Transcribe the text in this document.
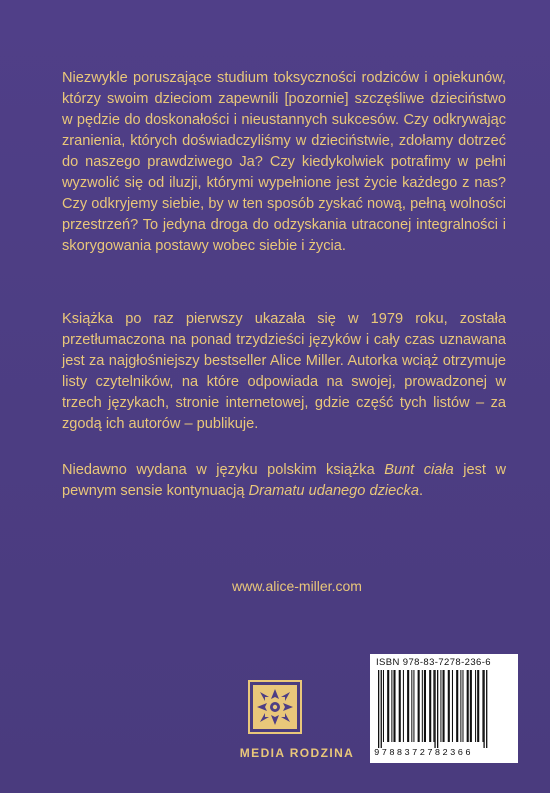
Niezwykle poruszające studium toksyczności rodziców i opiekunów, którzy swoim dzieciom zapewnili [pozornie] szczęśliwe dzieciństwo w pędzie do doskonałości i nieustannych sukcesów. Czy odkrywając zranienia, których doświadczyliśmy w dzieciństwie, zdołamy dotrzeć do naszego prawdziwego Ja? Czy kiedykolwiek potrafimy w pełni wyzwolić się od iluzji, którymi wypełnione jest życie każdego z nas? Czy odkryjemy siebie, by w ten sposób zyskać nową, pełną wolności przestrzeń? To jedyna droga do odzyskania utraconej integralności i skorygowania postawy wobec siebie i życia.

Książka po raz pierwszy ukazała się w 1979 roku, została przetłumaczona na ponad trzydzieści języków i cały czas uznawana jest za najgłośniejszy bestseller Alice Miller. Autorka wciąż otrzymuje listy czytelników, na które odpowiada na swojej, prowadzonej w trzech językach, stronie internetowej, gdzie część tych listów – za zgodą ich autorów – publikuje.

Niedawno wydana w języku polskim książka Bunt ciała jest w pewnym sensie kontynuacją Dramatu udanego dziecka.

www.alice-miller.com
MEDIA RODZINA
ISBN 978-83-7278-236-6
9788372782366
